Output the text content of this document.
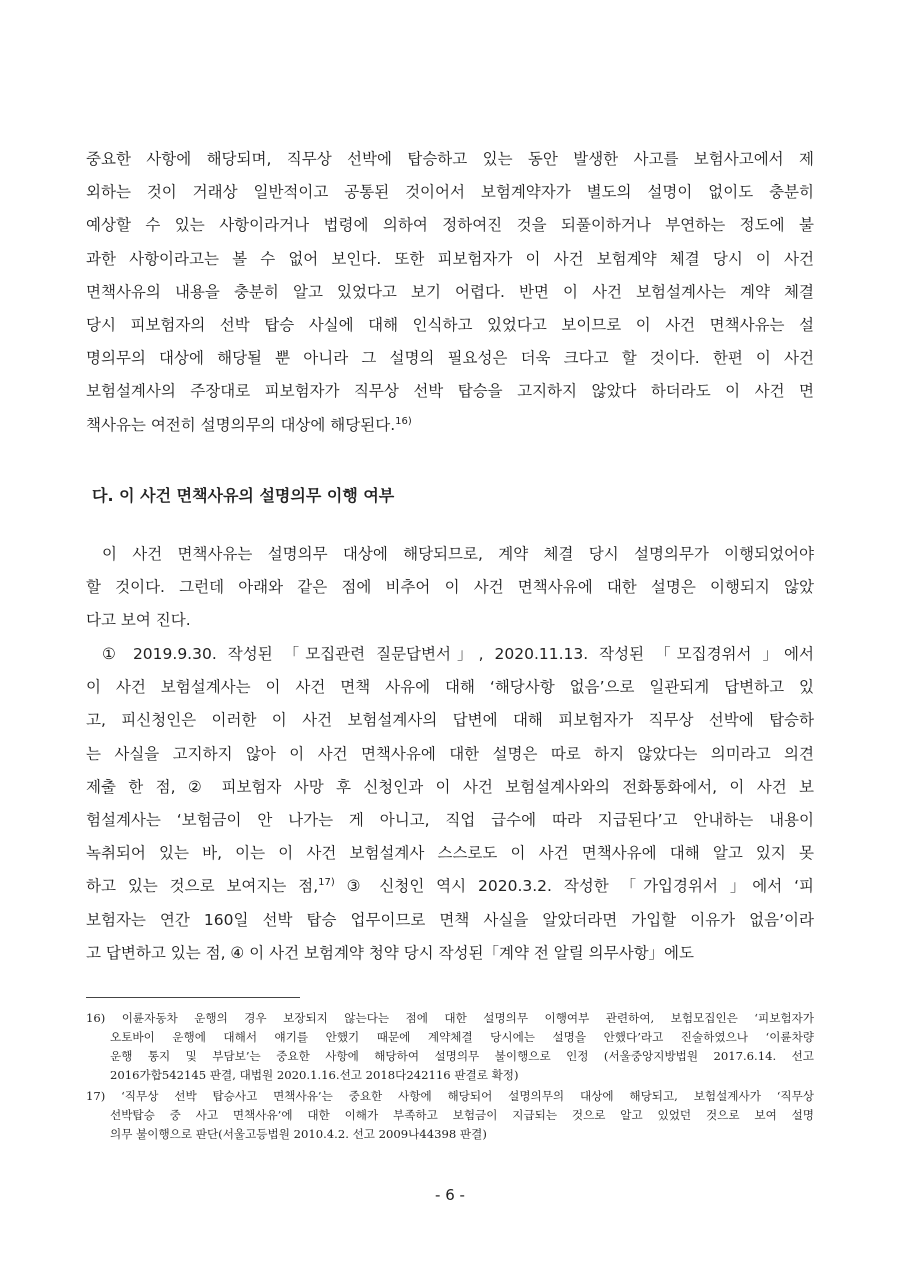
중요한 사항에 해당되며, 직무상 선박에 탑승하고 있는 동안 발생한 사고를 보험사고에서 제
외하는 것이 거래상 일반적이고 공통된 것이어서 보험계약자가 별도의 설명이 없이도 충분히
예상할 수 있는 사항이라거나 법령에 의하여 정하여진 것을 되풀이하거나 부연하는 정도에 불
과한 사항이라고는 볼 수 없어 보인다. 또한 피보험자가 이 사건 보험계약 체결 당시 이 사건
면책사유의 내용을 충분히 알고 있었다고 보기 어렵다. 반면 이 사건 보험설계사는 계약 체결
당시 피보험자의 선박 탑승 사실에 대해 인식하고 있었다고 보이므로 이 사건 면책사유는 설
명의무의 대상에 해당될 뿐 아니라 그 설명의 필요성은 더욱 크다고 할 것이다. 한편 이 사건
보험설계사의 주장대로 피보험자가 직무상 선박 탑승을 고지하지 않았다 하더라도 이 사건 면
책사유는 여전히 설명의무의 대상에 해당된다.$^{16)}$

다. 이 사건 면책사유의 설명의무 이행 여부

이 사건 면책사유는 설명의무 대상에 해당되므로, 계약 체결 당시 설명의무가 이행되었어야
할 것이다. 그런데 아래와 같은 점에 비추어 이 사건 면책사유에 대한 설명은 이행되지 않았
다고 보여 진다.

① 2019.9.30. 작성된 「모집관련 질문답변서」, 2020.11.13. 작성된 「모집경위서 」에서
이 사건 보험설계사는 이 사건 면책 사유에 대해 ‘해당사항 없음’으로 일관되게 답변하고 있
고, 피신청인은 이러한 이 사건 보험설계사의 답변에 대해 피보험자가 직무상 선박에 탑승하
는 사실을 고지하지 않아 이 사건 면책사유에 대한 설명은 따로 하지 않았다는 의미라고 의견
제출 한 점, ② 피보험자 사망 후 신청인과 이 사건 보험설계사와의 전화통화에서, 이 사건 보
험설계사는 ‘보험금이 안 나가는 게 아니고, 직업 급수에 따라 지급된다’고 안내하는 내용이
녹취되어 있는 바, 이는 이 사건 보험설계사 스스로도 이 사건 면책사유에 대해 알고 있지 못
하고 있는 것으로 보여지는 점,$^{17)}$ ③ 신청인 역시 2020.3.2. 작성한 「가입경위서 」에서 ‘피
보험자는 연간 160일 선박 탑승 업무이므로 면책 사실을 알았더라면 가입할 이유가 없음’이라
고 답변하고 있는 점, ④ 이 사건 보험계약 청약 당시 작성된「계약 전 알릴 의무사항」에도

16) 이륜자동차 운행의 경우 보장되지 않는다는 점에 대한 설명의무 이행여부 관련하여, 보험모집인은 ‘피보험자가
오토바이 운행에 대해서 얘기를 안했기 때문에 계약체결 당시에는 설명을 안했다’라고 진술하였으나 ‘이륜차량
운행 통지 및 부담보’는 중요한 사항에 해당하여 설명의무 불이행으로 인정 (서울중앙지방법원 2017.6.14. 선고
2016가합542145 판결, 대법원 2020.1.16.선고 2018다242116 판결로 확정)
17) ‘직무상 선박 탑승사고 면책사유’는 중요한 사항에 해당되어 설명의무의 대상에 해당되고, 보험설계사가 ‘직무상
선박탑승 중 사고 면책사유’에 대한 이해가 부족하고 보험금이 지급되는 것으로 알고 있었던 것으로 보여 설명
의무 불이행으로 판단(서울고등법원 2010.4.2. 선고 2009나44398 판결)
- 6 -
